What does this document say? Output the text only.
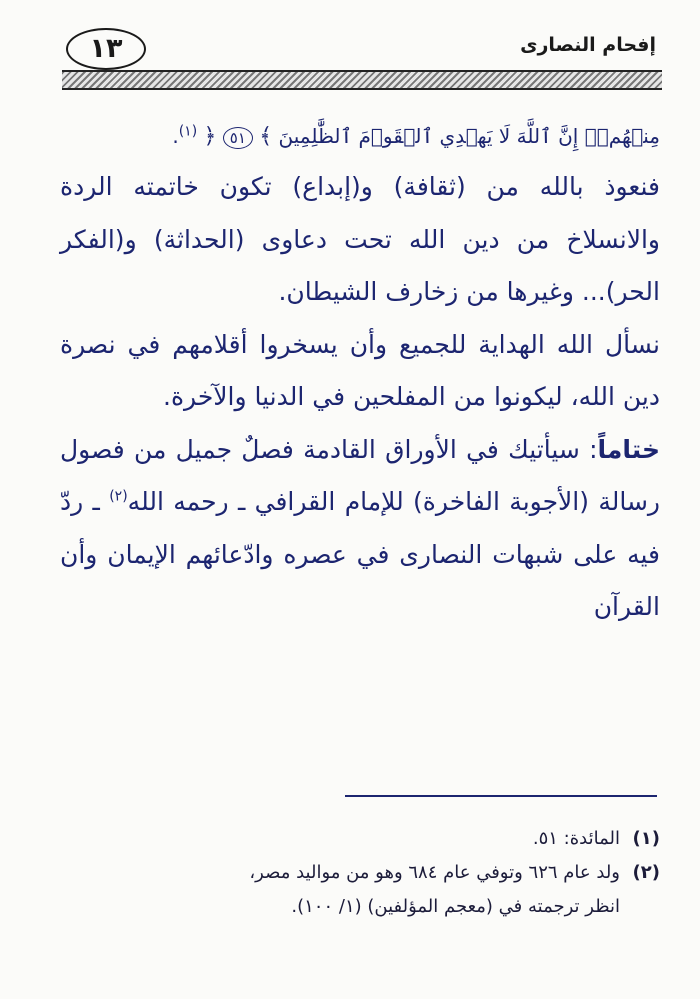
١٣	إفحام النصارى

مِنۡهُمۡۚ إِنَّ ٱللَّهَ لَا يَهۡدِي ٱلۡقَوۡمَ ٱلظَّٰلِمِينَ ﴾ ٥١ ﴿ $^{(١)}$.

فنعوذ بالله من (ثقافة) و(إبداع) تكون خاتمته الردة والانسلاخ من دين الله تحت دعاوى (الحداثة) و(الفكر الحر)... وغيرها من زخارف الشيطان.

نسأل الله الهداية للجميع وأن يسخروا أقلامهم في نصرة دين الله، ليكونوا من المفلحين في الدنيا والآخرة.

ختاماً: سيأتيك في الأوراق القادمة فصلٌ جميل من فصول رسالة (الأجوبة الفاخرة) للإمام القرافي ـ رحمه الله$^{(٢)}$ ـ ردّ فيه على شبهات النصارى في عصره وادّعائهم الإيمان وأن القرآن

(١)المائدة: ٥١.

(٢)ولد عام ٦٢٦ وتوفي عام ٦٨٤ وهو من مواليد مصر،

انظر ترجمته في (معجم المؤلفين) (١/ ١٠٠).
